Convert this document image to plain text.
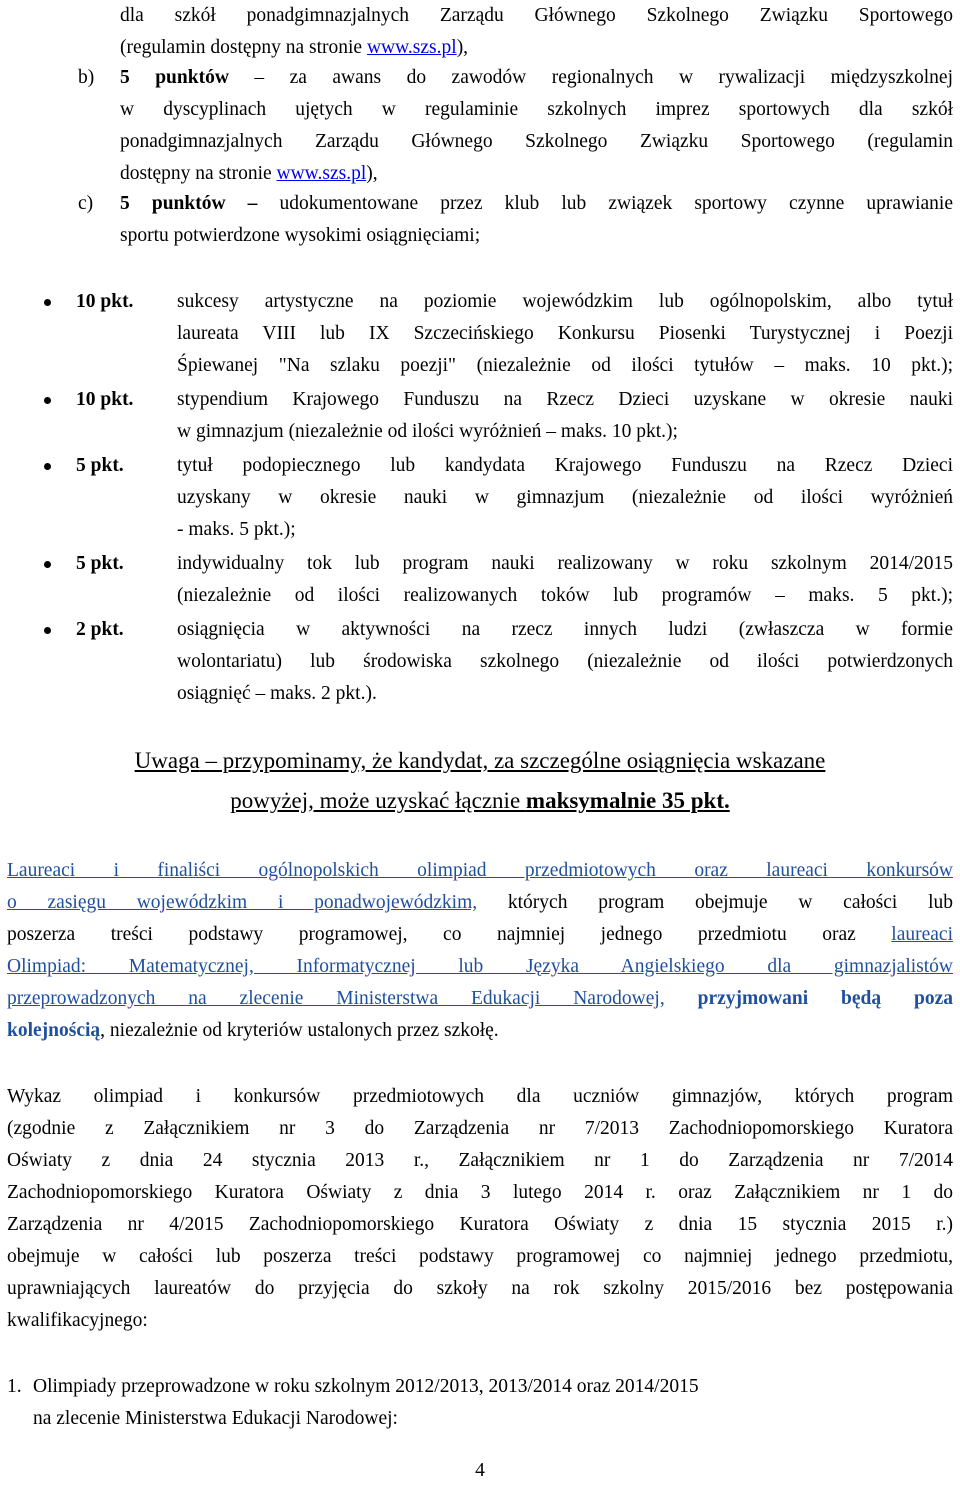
dla szkół ponadgimnazjalnych Zarządu Głównego Szkolnego Związku Sportowego
(regulamin dostępny na stronie www.szs.pl),
b) 5 punktów – za awans do zawodów regionalnych w rywalizacji międzyszkolnej
w dyscyplinach ujętych w regulaminie szkolnych imprez sportowych dla szkół
ponadgimnazjalnych Zarządu Głównego Szkolnego Związku Sportowego (regulamin
dostępny na stronie www.szs.pl),
c) 5 punktów – udokumentowane przez klub lub związek sportowy czynne uprawianie
sportu potwierdzone wysokimi osiągnięciami;
10 pkt. sukcesy artystyczne na poziomie wojewódzkim lub ogólnopolskim, albo tytuł
laureata VIII lub IX Szczecińskiego Konkursu Piosenki Turystycznej i Poezji
Śpiewanej "Na szlaku poezji" (niezależnie od ilości tytułów – maks. 10 pkt.);
10 pkt. stypendium Krajowego Funduszu na Rzecz Dzieci uzyskane w okresie nauki
w gimnazjum (niezależnie od ilości wyróżnień – maks. 10 pkt.);
5 pkt.	tytuł podopiecznego lub kandydata Krajowego Funduszu na Rzecz Dzieci
uzyskany w okresie nauki w gimnazjum (niezależnie od ilości wyróżnień
- maks. 5 pkt.);
5 pkt.	indywidualny tok lub program nauki realizowany w roku szkolnym 2014/2015
(niezależnie od ilości realizowanych toków lub programów – maks. 5 pkt.);
2 pkt.	osiągnięcia w aktywności na rzecz innych ludzi (zwłaszcza w formie
wolontariatu) lub środowiska szkolnego (niezależnie od ilości potwierdzonych
osiągnięć – maks. 2 pkt.).
Uwaga – przypominamy, że kandydat, za szczególne osiągnięcia wskazane
powyżej, może uzyskać łącznie maksymalnie 35 pkt.
Laureaci i finaliści ogólnopolskich olimpiad przedmiotowych oraz laureaci konkursów
o zasięgu wojewódzkim i ponadwojewódzkim, których program obejmuje w całości lub
poszerza treści podstawy programowej, co najmniej jednego przedmiotu oraz laureaci
Olimpiad: Matematycznej, Informatycznej lub Języka Angielskiego dla gimnazjalistów
przeprowadzonych na zlecenie Ministerstwa Edukacji Narodowej, przyjmowani będą poza
kolejnością, niezależnie od kryteriów ustalonych przez szkołę.
Wykaz olimpiad i konkursów przedmiotowych dla uczniów gimnazjów, których program
(zgodnie z Załącznikiem nr 3 do Zarządzenia nr 7/2013 Zachodniopomorskiego Kuratora
Oświaty z dnia 24 stycznia 2013 r., Załącznikiem nr 1 do Zarządzenia nr 7/2014
Zachodniopomorskiego Kuratora Oświaty z dnia 3 lutego 2014 r. oraz Załącznikiem nr 1 do
Zarządzenia nr 4/2015 Zachodniopomorskiego Kuratora Oświaty z dnia 15 stycznia 2015 r.)
obejmuje w całości lub poszerza treści podstawy programowej co najmniej jednego przedmiotu,
uprawniających laureatów do przyjęcia do szkoły na rok szkolny 2015/2016 bez postępowania
kwalifikacyjnego:
1. Olimpiady przeprowadzone w roku szkolnym 2012/2013, 2013/2014 oraz 2014/2015
na zlecenie Ministerstwa Edukacji Narodowej:
4
